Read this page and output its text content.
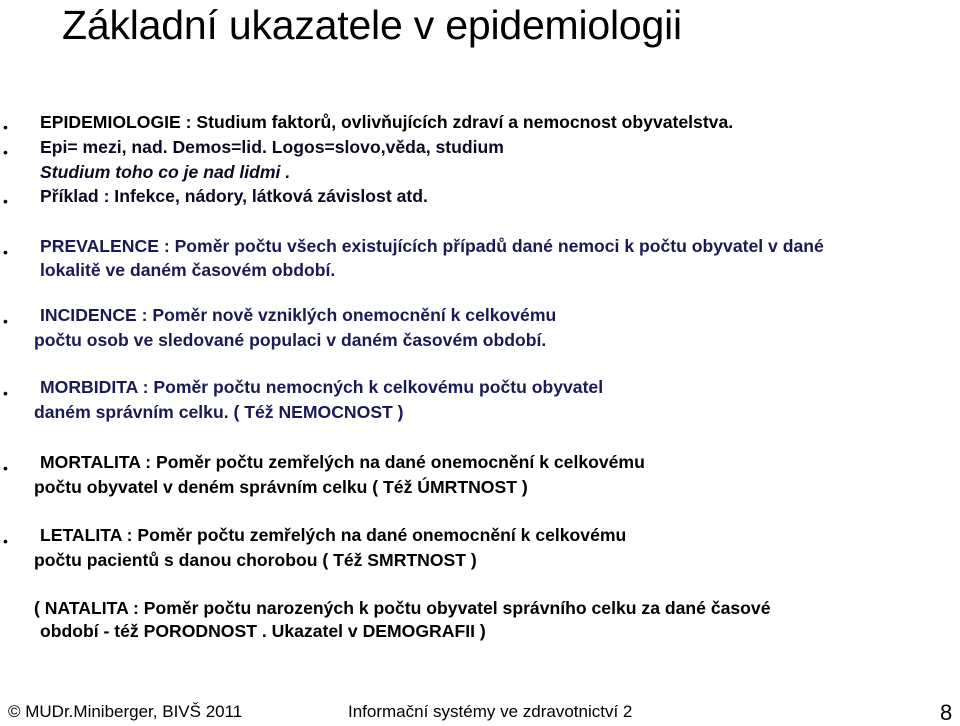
Základní ukazatele v epidemiologii
• EPIDEMIOLOGIE : Studium faktorů, ovlivňujících zdraví a nemocnost obyvatelstva.
• Epi= mezi, nad. Demos=lid. Logos=slovo,věda, studium
Studium toho co je nad lidmi .
• Příklad : Infekce, nádory, látková závislost atd.
• PREVALENCE : Poměr počtu všech existujících případů dané nemoci k počtu obyvatel v dané
lokalitě ve daném časovém období.
• INCIDENCE : Poměr nově vzniklých onemocnění k celkovému
počtu osob ve sledované populaci v daném časovém období.
• MORBIDITA : Poměr počtu nemocných k celkovému počtu obyvatel
daném správním celku. ( Též NEMOCNOST )
• MORTALITA : Poměr počtu zemřelých na dané onemocnění k celkovému
počtu obyvatel v deném správním celku ( Též ÚMRTNOST )
• LETALITA : Poměr počtu zemřelých na dané onemocnění k celkovému
počtu pacientů s danou chorobou ( Též SMRTNOST )
( NATALITA : Poměr počtu narozených k počtu obyvatel správního celku za dané časové
období - též PORODNOST . Ukazatel v DEMOGRAFII )
© MUDr.Miniberger, BIVŠ 2011	Informační systémy ve zdravotnictví 2	8
